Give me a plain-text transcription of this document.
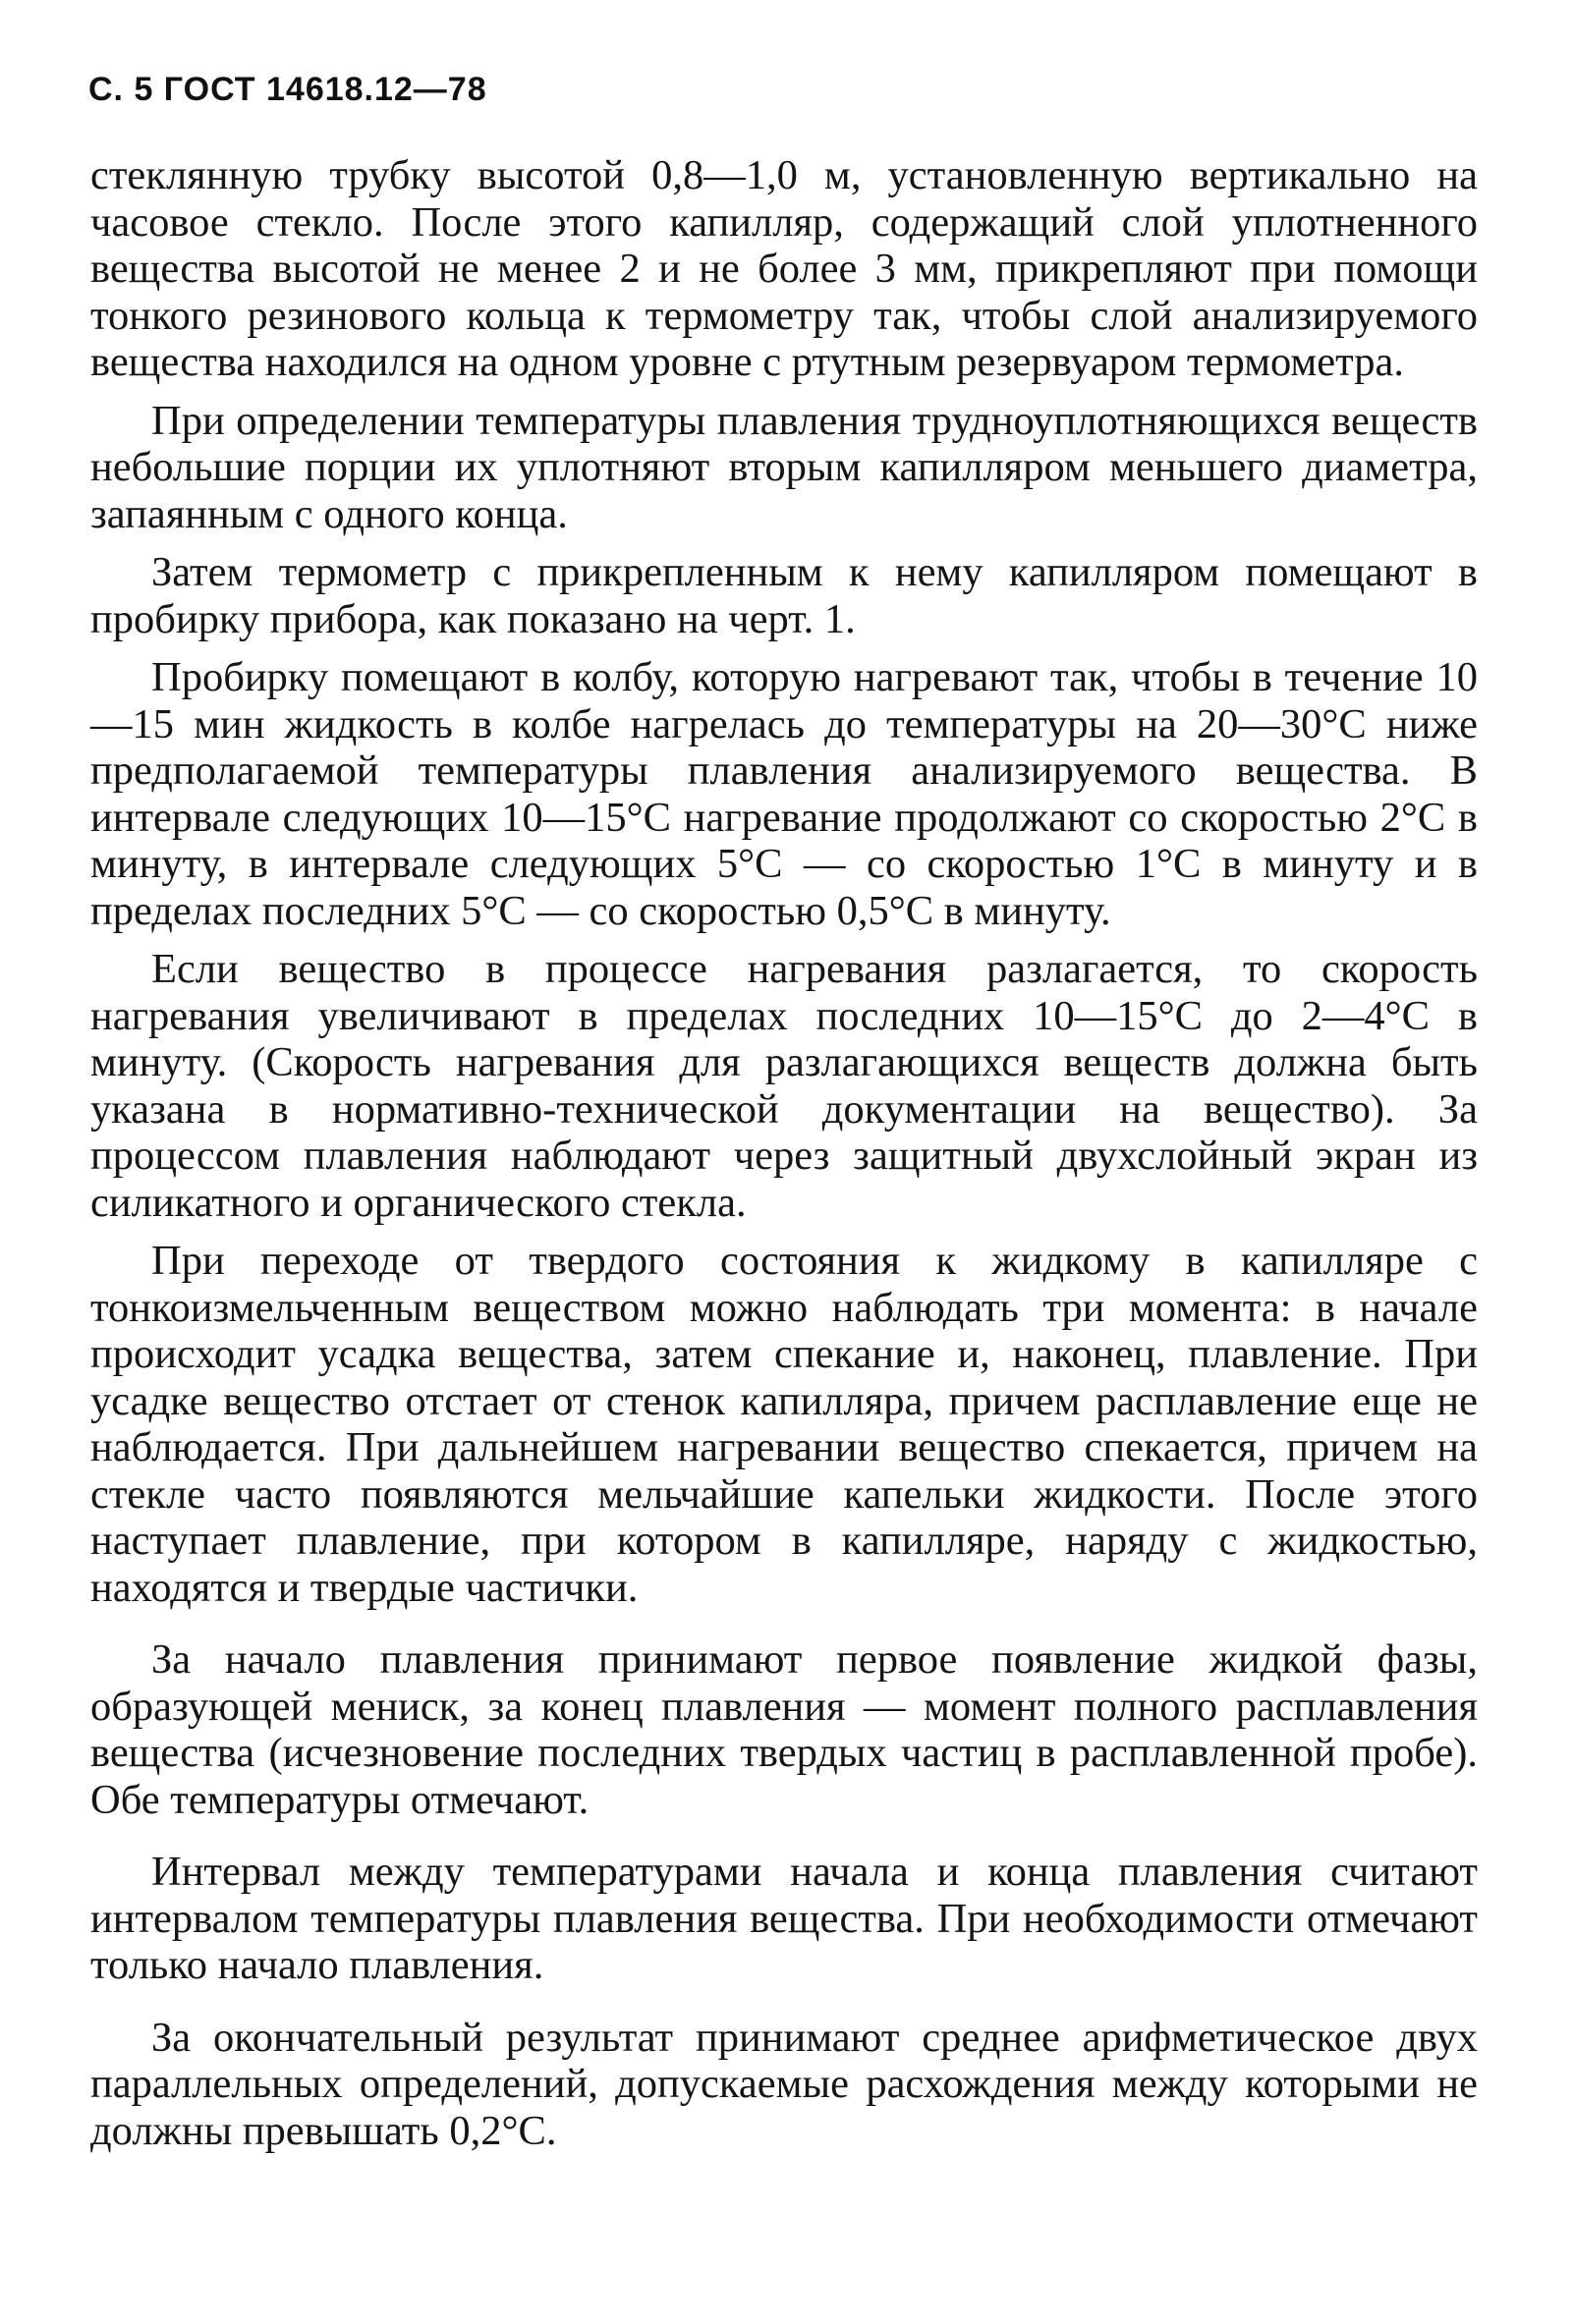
С. 5 ГОСТ 14618.12—78

стеклянную трубку высотой 0,8—1,0 м, установленную вертикально на часовое стекло. После этого капилляр, содержащий слой уплотненного вещества высотой не менее 2 и не более 3 мм, прикрепляют при помощи тонкого резинового кольца к термометру так, чтобы слой анализируемого вещества находился на одном уровне с ртутным резервуаром термометра.

При определении температуры плавления трудноуплотняющихся веществ небольшие порции их уплотняют вторым капилляром меньшего диаметра, запаянным с одного конца.

Затем термометр с прикрепленным к нему капилляром помещают в пробирку прибора, как показано на черт. 1.

Пробирку помещают в колбу, которую нагревают так, чтобы в течение 10—15 мин жидкость в колбе нагрелась до температуры на 20—30°С ниже предполагаемой температуры плавления анализируемого вещества. В интервале следующих 10—15°С нагревание продолжают со скоростью 2°С в минуту, в интервале следующих 5°С — со скоростью 1°С в минуту и в пределах последних 5°С — со скоростью 0,5°С в минуту.

Если вещество в процессе нагревания разлагается, то скорость нагревания увеличивают в пределах последних 10—15°С до 2—4°С в минуту. (Скорость нагревания для разлагающихся веществ должна быть указана в нормативно-технической документации на вещество). За процессом плавления наблюдают через защитный двухслойный экран из силикатного и органического стекла.

При переходе от твердого состояния к жидкому в капилляре с тонкоизмельченным веществом можно наблюдать три момента: в начале происходит усадка вещества, затем спекание и, наконец, плавление. При усадке вещество отстает от стенок капилляра, причем расплавление еще не наблюдается. При дальнейшем нагревании вещество спекается, причем на стекле часто появляются мельчайшие капельки жидкости. После этого наступает плавление, при котором в капилляре, наряду с жидкостью, находятся и твердые частички.

За начало плавления принимают первое появление жидкой фазы, образующей мениск, за конец плавления — момент полного расплавления вещества (исчезновение последних твердых частиц в расплавленной пробе). Обе температуры отмечают.

Интервал между температурами начала и конца плавления считают интервалом температуры плавления вещества. При необходимости отмечают только начало плавления.

За окончательный результат принимают среднее арифметическое двух параллельных определений, допускаемые расхождения между которыми не должны превышать 0,2°С.
